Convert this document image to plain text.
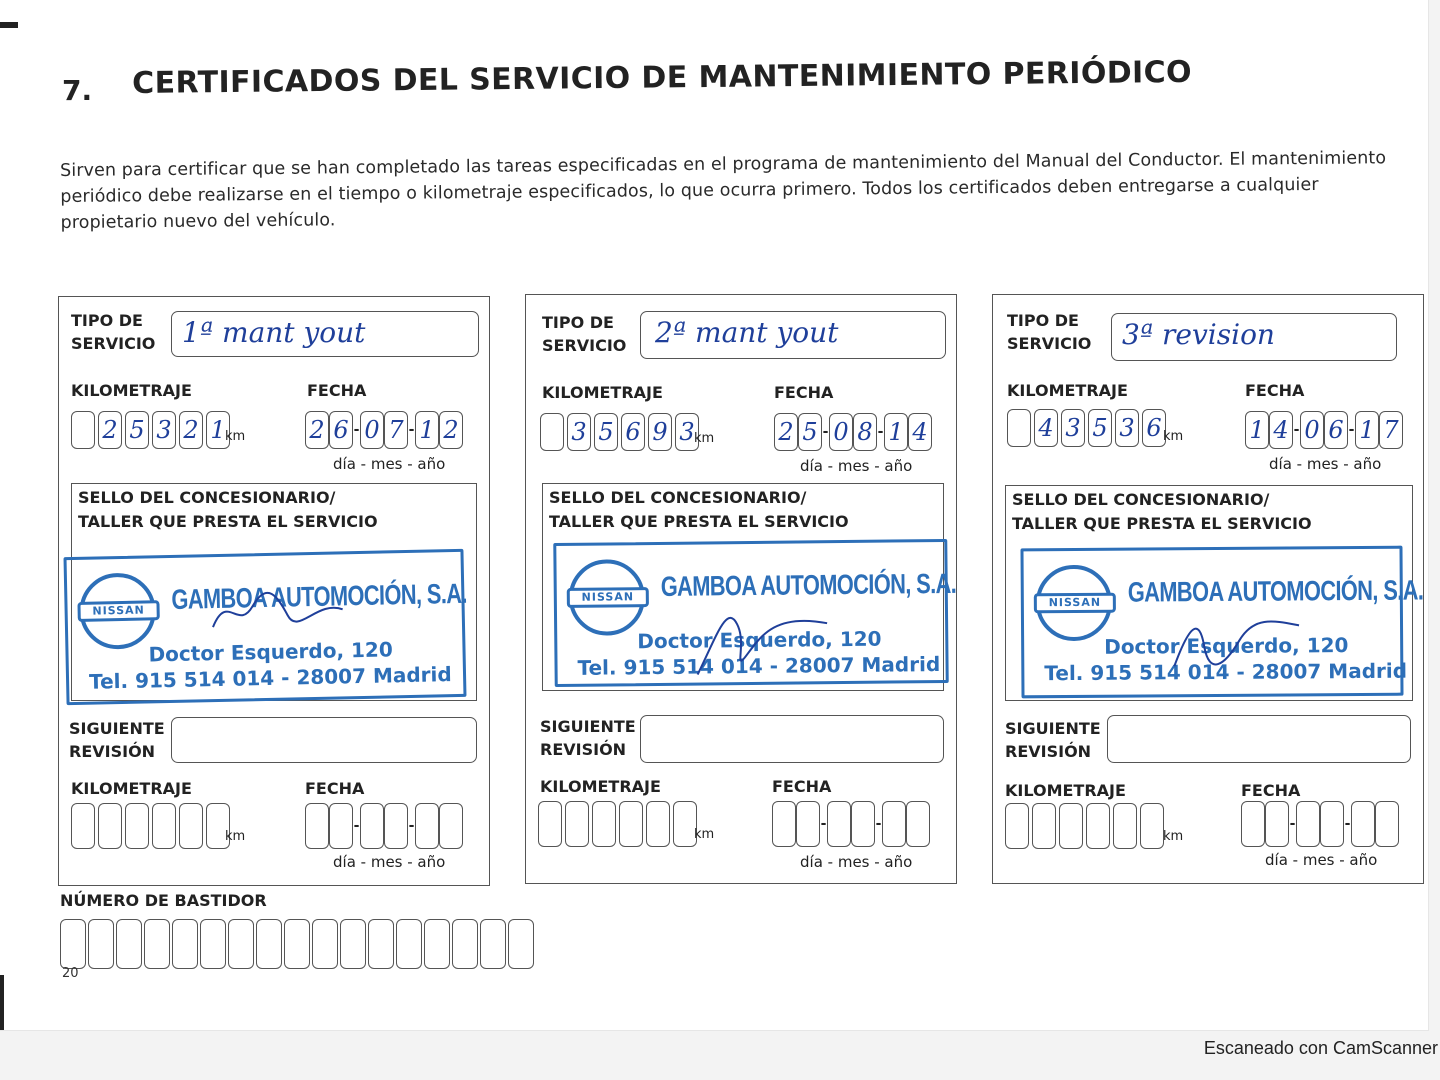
7. CERTIFICADOS DEL SERVICIO DE MANTENIMIENTO PERIÓDICO
Sirven para certificar que se han completado las tareas especificadas en el programa de mantenimiento del Manual del Conductor. El mantenimiento periódico debe realizarse en el tiempo o kilometraje especificados, lo que ocurra primero. Todos los certificados deben entregarse a cualquier propietario nuevo del vehículo.
TIPO DE
SERVICIO 1ª mant yout
KILOMETRAJE	FECHA
2 5 3 2 1 km	2 6 - 0 7 - 1 2
día - mes - año
SELLO DEL CONCESIONARIO/
TALLER QUE PRESTA EL SERVICIO
NISSAN GAMBOA AUTOMOCIÓN, S.A.
Doctor Esquerdo, 120
Tel. 915 514 014 - 28007 Madrid
SIGUIENTE
REVISIÓN
KILOMETRAJE	FECHA
km
-	-
día - mes - año
TIPO DE
SERVICIO 2ª mant yout
KILOMETRAJE	FECHA
3 5 6 9 3 km	2 5 - 0 8 - 1 4
día - mes - año
SELLO DEL CONCESIONARIO/
TALLER QUE PRESTA EL SERVICIO
NISSAN GAMBOA AUTOMOCIÓN, S.A.
Doctor Esquerdo, 120
Tel. 915 514 014 - 28007 Madrid
SIGUIENTE
REVISIÓN
KILOMETRAJE	FECHA
km
-	-
día - mes - año
TIPO DE
SERVICIO 3ª revision
KILOMETRAJE	FECHA
4 3 5 3 6 km	1 4 - 0 6 - 1 7
día - mes - año
SELLO DEL CONCESIONARIO/
TALLER QUE PRESTA EL SERVICIO
NISSAN GAMBOA AUTOMOCIÓN, S.A.
Doctor Esquerdo, 120
Tel. 915 514 014 - 28007 Madrid
SIGUIENTE
REVISIÓN
KILOMETRAJE	FECHA
km
-	-
día - mes - año
NÚMERO DE BASTIDOR
20
Escaneado con CamScanner
